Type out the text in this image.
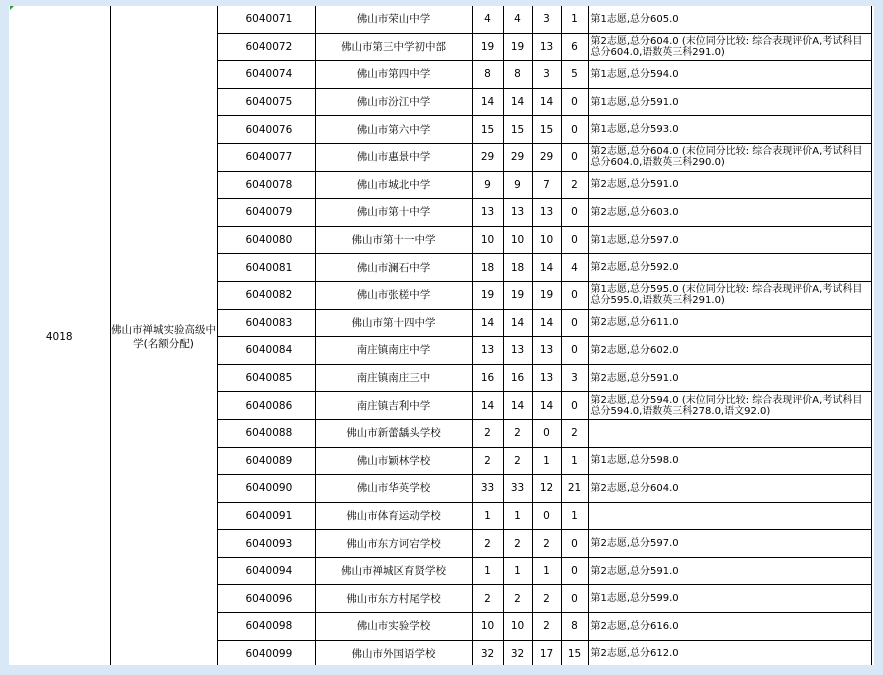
4018	佛山市禅城实验高级中学(名额分配)	6040071	佛山市荣山中学	4	4	3	1	第1志愿,总分605.0
		6040072	佛山市第三中学初中部	19	19	13	6	第2志愿,总分604.0 (末位同分比较: 综合表现评价A,考试科目总分604.0,语数英三科291.0)
		6040074	佛山市第四中学	8	8	3	5	第1志愿,总分594.0
		6040075	佛山市汾江中学	14	14	14	0	第1志愿,总分591.0
		6040076	佛山市第六中学	15	15	15	0	第1志愿,总分593.0
		6040077	佛山市惠景中学	29	29	29	0	第2志愿,总分604.0 (末位同分比较: 综合表现评价A,考试科目总分604.0,语数英三科290.0)
		6040078	佛山市城北中学	9	9	7	2	第2志愿,总分591.0
		6040079	佛山市第十中学	13	13	13	0	第2志愿,总分603.0
		6040080	佛山市第十一中学	10	10	10	0	第1志愿,总分597.0
		6040081	佛山市澜石中学	18	18	14	4	第2志愿,总分592.0
		6040082	佛山市张槎中学	19	19	19	0	第1志愿,总分595.0 (末位同分比较: 综合表现评价A,考试科目总分595.0,语数英三科291.0)
		6040083	佛山市第十四中学	14	14	14	0	第2志愿,总分611.0
		6040084	南庄镇南庄中学	13	13	13	0	第2志愿,总分602.0
		6040085	南庄镇南庄三中	16	16	13	3	第2志愿,总分591.0
		6040086	南庄镇吉利中学	14	14	14	0	第2志愿,总分594.0 (末位同分比较: 综合表现评价A,考试科目总分594.0,语数英三科278.0,语文92.0)
		6040088	佛山市新蕾龋头学校	2	2	0	2	
		6040089	佛山市颖林学校	2	2	1	1	第1志愿,总分598.0
		6040090	佛山市华英学校	33	33	12	21	第2志愿,总分604.0
		6040091	佛山市体育运动学校	1	1	0	1	
		6040093	佛山市东方诃宕学校	2	2	2	0	第2志愿,总分597.0
		6040094	佛山市禅城区育贤学校	1	1	1	0	第2志愿,总分591.0
		6040096	佛山市东方村尾学校	2	2	2	0	第1志愿,总分599.0
		6040098	佛山市实验学校	10	10	2	8	第2志愿,总分616.0
		6040099	佛山市外国语学校	32	32	17	15	第2志愿,总分612.0
